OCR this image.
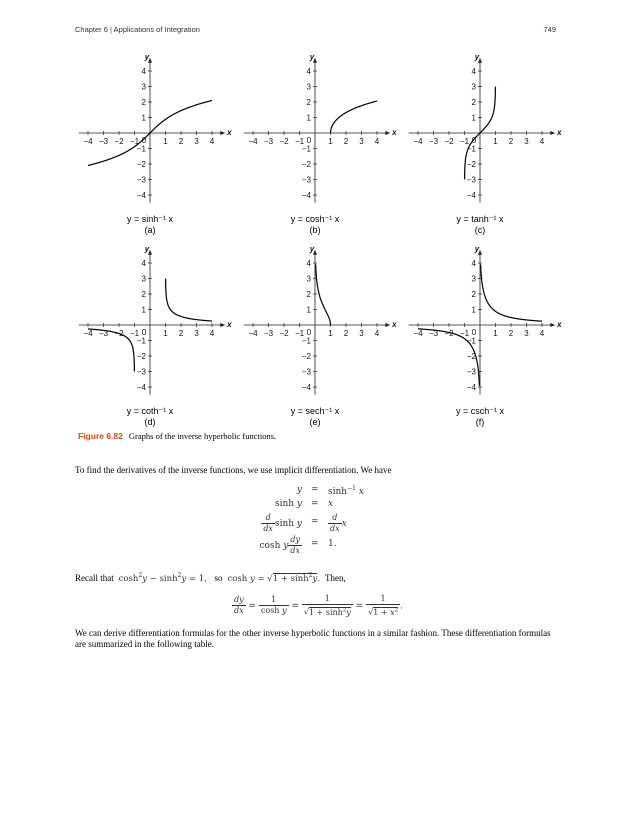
Chapter 6 | Applications of Integration	749
−4 −3 −2 −1	1 2 3 4
4
3
2
1
−1
−2
−3
−4
0
x
y
−4 −3 −2 −1	1 2 3 4
4
3
2
1
−1
−2
−3
−4
0
x
y
−4 −3 −2 −1	1 2 3 4
4
3
2
1
−1
−2
−3
−4
0
x
y
−4 −3 −2 −1	1 2 3 4
4
3
2
1
−1
−2
−3
−4
0
x
y
−4 −3 −2 −1	1 2 3 4
4
3
2
1
−1
−2
−3
−4
0
x
y
−4 −3 −2 −1	1 2 3 4
4
3
2
1
−1
−2
−3
−4
0
x
y
y = sinh⁻¹ x
(a)
y = cosh⁻¹ x
(b)
y = tanh⁻¹ x
(c)
y = coth⁻¹ x
(d)
y = sech⁻¹ x
(e)
y = csch⁻¹ x
(f)
Figure 6.82 Graphs of the inverse hyperbolic functions.
To find the derivatives of the inverse functions, we use implicit differentiation. We have
$y = \sinh^{-1} x$
sinh y = x
$\frac{d}{dx}$ $\sinh y = \frac{d}{dx}$ x
cosh y $\frac{dy}{dx} = 1$.
Recall that  $\cosh^2y - \sinh^2y = 1$,   so  $\cosh y = √1 + \sinh^2y$.  Then,
$\frac{dy}{dx} = \frac{1}{\text{cosh y}} = \frac{1}{√1 + \sinh^2y} = \frac{1}{√1 + x^2}$ .
We can derive differentiation formulas for the other inverse hyperbolic functions in a similar fashion. These differentiation formulas are summarized in the following table.
